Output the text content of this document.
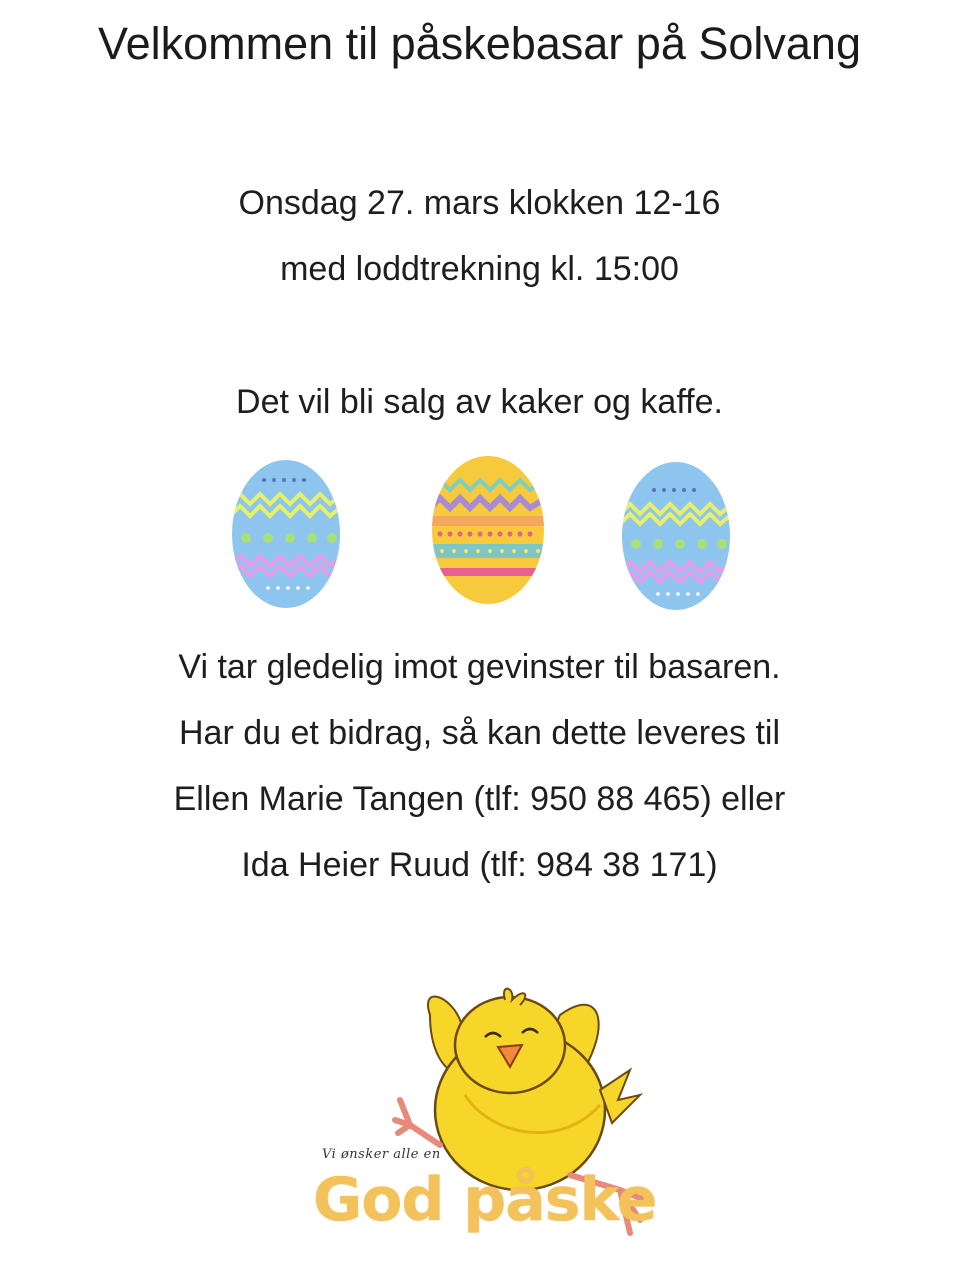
Velkommen til påskebasar på Solvang
Onsdag 27. mars klokken 12-16
med loddtrekning kl. 15:00
Det vil bli salg av kaker og kaffe.
Vi tar gledelig imot gevinster til basaren.
Har du et bidrag, så kan dette leveres til
Ellen Marie Tangen (tlf: 950 88 465) eller
Ida Heier Ruud (tlf: 984 38 171)
Vi ønsker alle en
God påske
